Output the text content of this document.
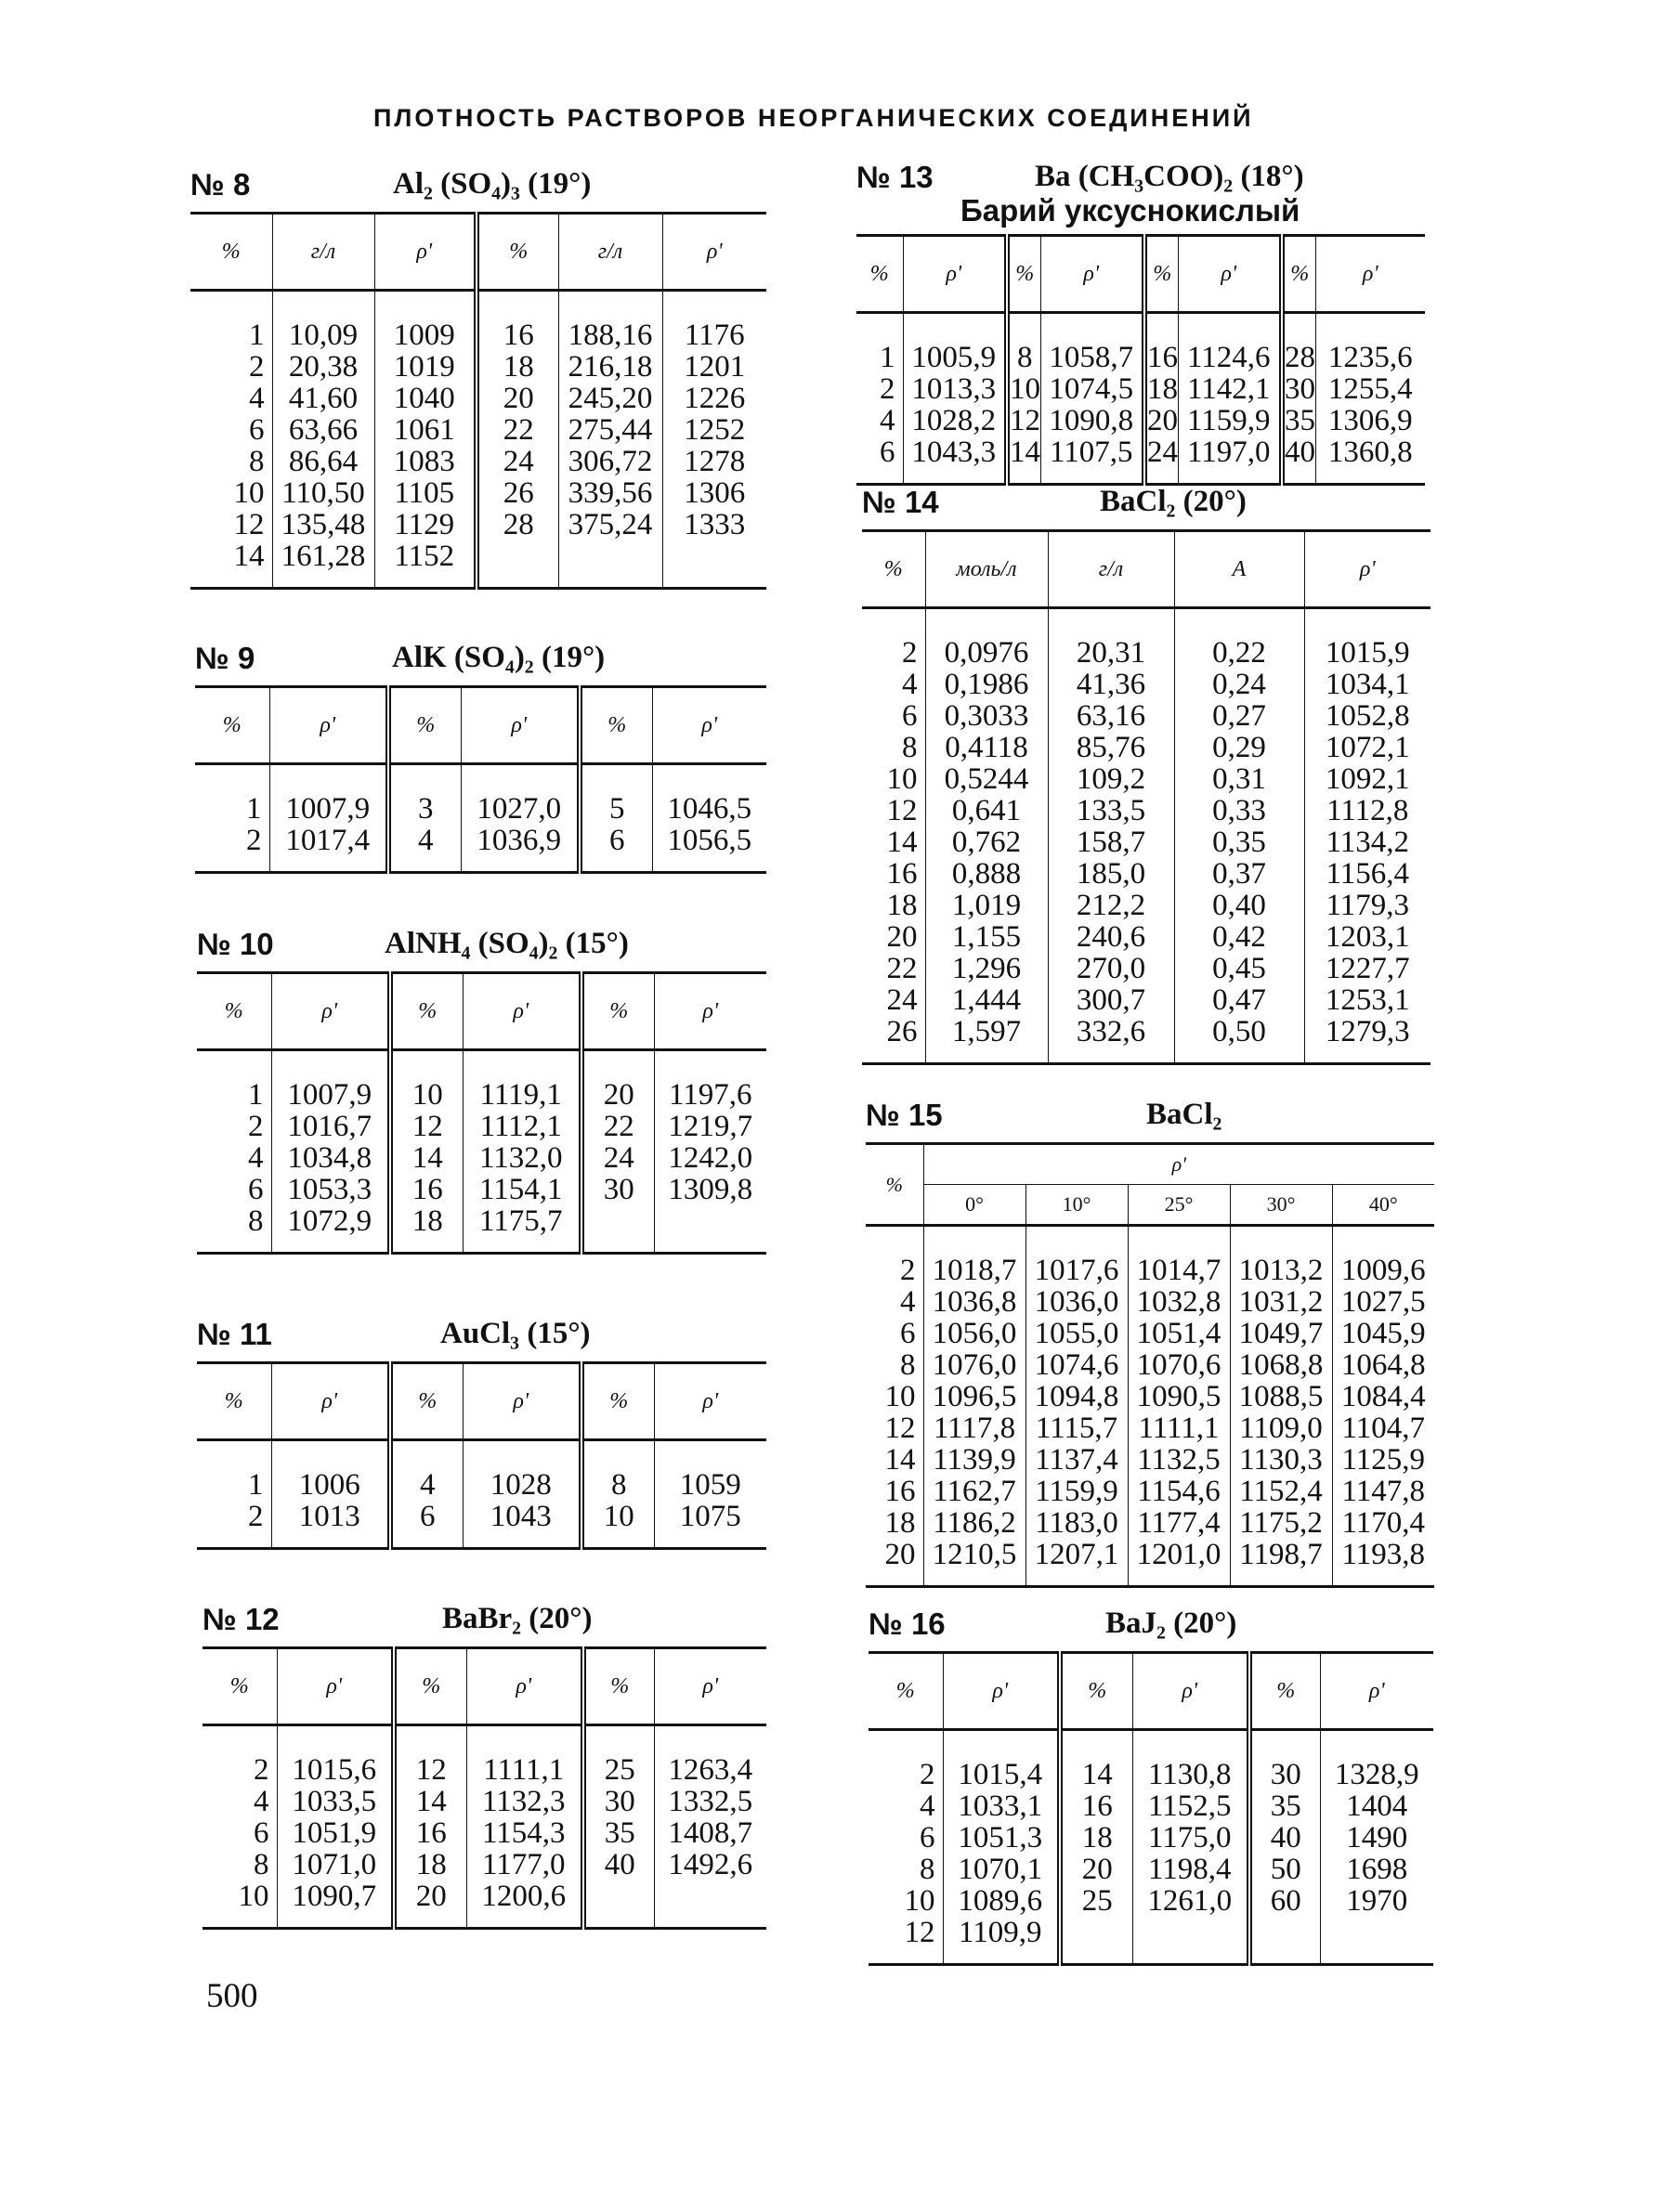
ПЛОТНОСТЬ РАСТВОРОВ НЕОРГАНИЧЕСКИХ СОЕДИНЕНИЙ
№ 8	Al₂ (SO₄)₃ (19°)
%	г/л	ρ'	%	г/л	ρ'
1	10,09	1009	16	188,16	1176
2	20,38	1019	18	216,18	1201
4	41,60	1040	20	245,20	1226
6	63,66	1061	22	275,44	1252
8	86,64	1083	24	306,72	1278
10	110,50	1105	26	339,56	1306
12	135,48	1129	28	375,24	1333
14	161,28	1152			

№ 9	AlK (SO₄)₂ (19°)
%	ρ'	%	ρ'	%	ρ'
1	1007,9	3	1027,0	5	1046,5
2	1017,4	4	1036,9	6	1056,5

№ 10	AlNH₄ (SO₄)₂ (15°)
%	ρ'	%	ρ'	%	ρ'
1	1007,9	10	1119,1	20	1197,6
2	1016,7	12	1112,1	22	1219,7
4	1034,8	14	1132,0	24	1242,0
6	1053,3	16	1154,1	30	1309,8
8	1072,9	18	1175,7		

№ 11	AuCl₃ (15°)
%	ρ'	%	ρ'	%	ρ'
1	1006	4	1028	8	1059
2	1013	6	1043	10	1075

№ 12	BaBr₂ (20°)
%	ρ'	%	ρ'	%	ρ'
2	1015,6	12	1111,1	25	1263,4
4	1033,5	14	1132,3	30	1332,5
6	1051,9	16	1154,3	35	1408,7
8	1071,0	18	1177,0	40	1492,6
10	1090,7	20	1200,6		

500
№ 13	Ba (CH₃COO)₂ (18°)
Барий уксуснокислый
%	ρ'	%	ρ'	%	ρ'	%	ρ'
1	1005,9	8	1058,7	16	1124,6	28	1235,6
2	1013,3	10	1074,5	18	1142,1	30	1255,4
4	1028,2	12	1090,8	20	1159,9	35	1306,9
6	1043,3	14	1107,5	24	1197,0	40	1360,8

№ 14	BaCl₂ (20°)
%	моль/л	г/л	A	ρ'
2	0,0976	20,31	0,22	1015,9
4	0,1986	41,36	0,24	1034,1
6	0,3033	63,16	0,27	1052,8
8	0,4118	85,76	0,29	1072,1
10	0,5244	109,2	0,31	1092,1
12	0,641	133,5	0,33	1112,8
14	0,762	158,7	0,35	1134,2
16	0,888	185,0	0,37	1156,4
18	1,019	212,2	0,40	1179,3
20	1,155	240,6	0,42	1203,1
22	1,296	270,0	0,45	1227,7
24	1,444	300,7	0,47	1253,1
26	1,597	332,6	0,50	1279,3

№ 15	BaCl₂
%	ρ'				
	0°	10°	25°	30°	40°
2	1018,7	1017,6	1014,7	1013,2	1009,6
4	1036,8	1036,0	1032,8	1031,2	1027,5
6	1056,0	1055,0	1051,4	1049,7	1045,9
8	1076,0	1074,6	1070,6	1068,8	1064,8
10	1096,5	1094,8	1090,5	1088,5	1084,4
12	1117,8	1115,7	1111,1	1109,0	1104,7
14	1139,9	1137,4	1132,5	1130,3	1125,9
16	1162,7	1159,9	1154,6	1152,4	1147,8
18	1186,2	1183,0	1177,4	1175,2	1170,4
20	1210,5	1207,1	1201,0	1198,7	1193,8

№ 16	BaJ₂ (20°)
%	ρ'	%	ρ'	%	ρ'
2	1015,4	14	1130,8	30	1328,9
4	1033,1	16	1152,5	35	1404
6	1051,3	18	1175,0	40	1490
8	1070,1	20	1198,4	50	1698
10	1089,6	25	1261,0	60	1970
12	1109,9				
